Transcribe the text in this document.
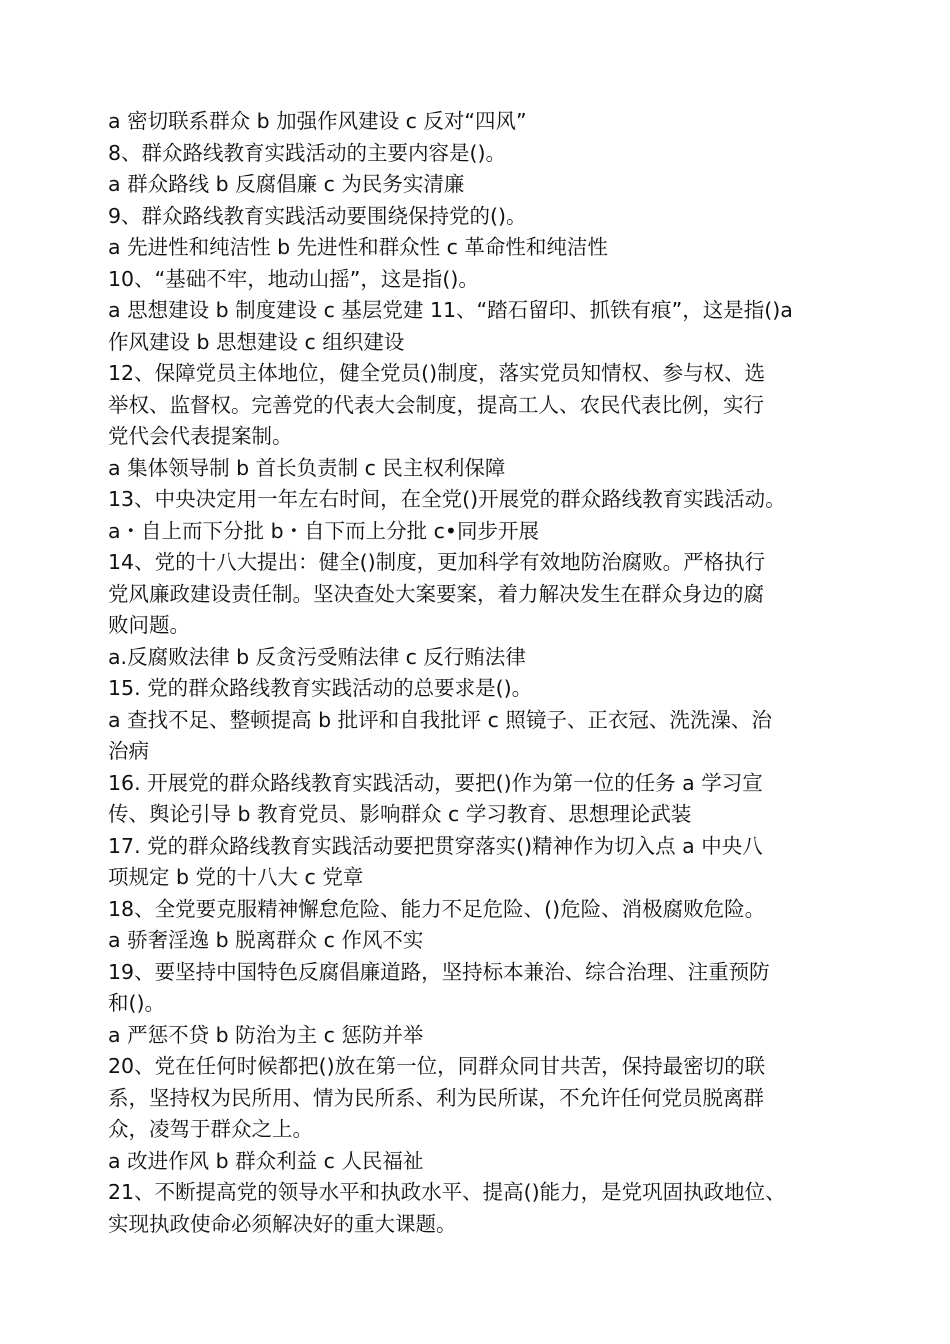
a 密切联系群众 b 加强作风建设 c 反对“四风”
8、群众路线教育实践活动的主要内容是()。
a 群众路线 b 反腐倡廉 c 为民务实清廉
9、群众路线教育实践活动要围绕保持党的()。
a 先进性和纯洁性 b 先进性和群众性 c 革命性和纯洁性
10、“基础不牢，地动山摇”，这是指()。
a 思想建设 b 制度建设 c 基层党建 11、“踏石留印、抓铁有痕”，这是指()a
作风建设 b 思想建设 c 组织建设
12、保障党员主体地位，健全党员()制度，落实党员知情权、参与权、选
举权、监督权。完善党的代表大会制度，提高工人、农民代表比例，实行
党代会代表提案制。
a 集体领导制 b 首长负责制 c 民主权利保障
13、中央决定用一年左右时间，在全党()开展党的群众路线教育实践活动。
a・自上而下分批 b・自下而上分批 c•同步开展
14、党的十八大提出：健全()制度，更加科学有效地防治腐败。严格执行
党风廉政建设责任制。坚决查处大案要案，着力解决发生在群众身边的腐
败问题。
a.反腐败法律 b 反贪污受贿法律 c 反行贿法律
15. 党的群众路线教育实践活动的总要求是()。
a 查找不足、整顿提高 b 批评和自我批评 c 照镜子、正衣冠、洗洗澡、治
治病
16. 开展党的群众路线教育实践活动，要把()作为第一位的任务 a 学习宣
传、舆论引导 b 教育党员、影响群众 c 学习教育、思想理论武装
17. 党的群众路线教育实践活动要把贯穿落实()精神作为切入点 a 中央八
项规定 b 党的十八大 c 党章
18、全党要克服精神懈怠危险、能力不足危险、()危险、消极腐败危险。
a 骄奢淫逸 b 脱离群众 c 作风不实
19、要坚持中国特色反腐倡廉道路，坚持标本兼治、综合治理、注重预防
和()。
a 严惩不贷 b 防治为主 c 惩防并举
20、党在任何时候都把()放在第一位，同群众同甘共苦，保持最密切的联
系，坚持权为民所用、情为民所系、利为民所谋，不允许任何党员脱离群
众，凌驾于群众之上。
a 改进作风 b 群众利益 c 人民福祉
21、不断提高党的领导水平和执政水平、提高()能力，是党巩固执政地位、
实现执政使命必须解决好的重大课题。
